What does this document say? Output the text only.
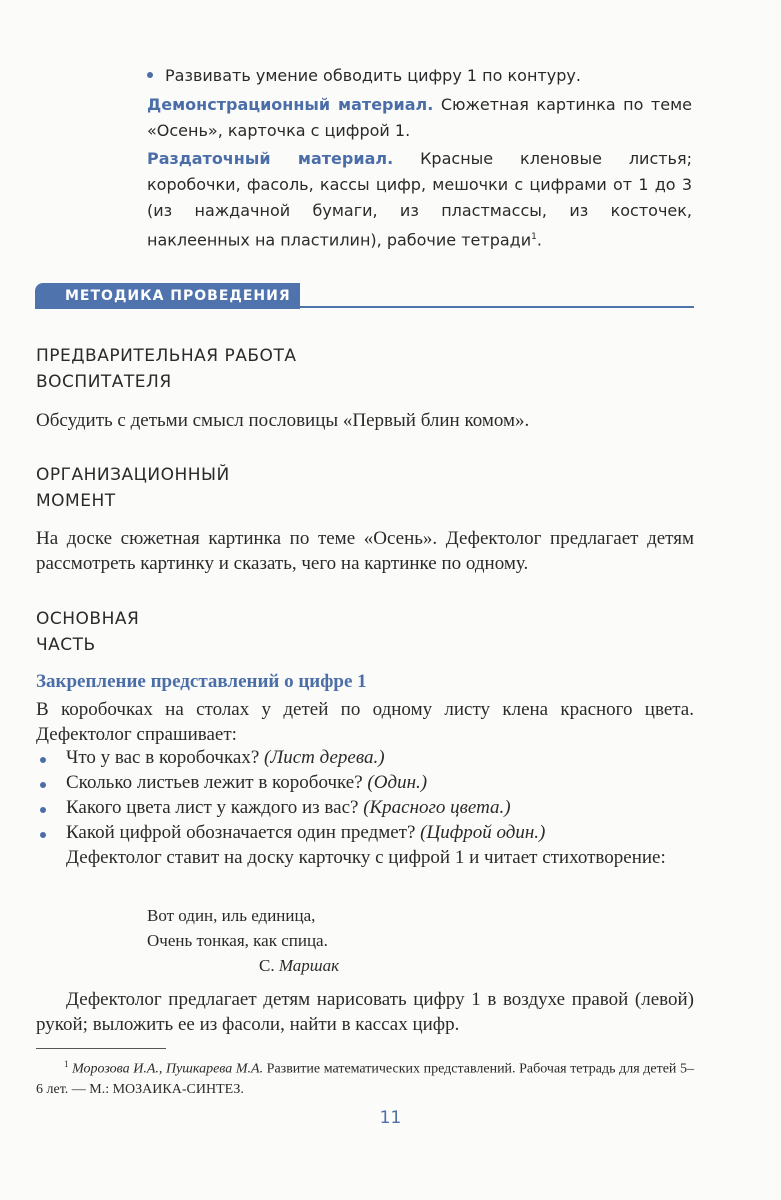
Развивать умение обводить цифру 1 по контуру.

Демонстрационный материал. Сюжетная картинка по теме «Осень», карточка с цифрой 1.

Раздаточный материал. Красные кленовые листья; коробочки, фасоль, кассы цифр, мешочки с цифрами от 1 до 3 (из наждачной бумаги, из пластмассы, из косточек, наклеенных на пластилин), рабочие тетради$^1$.

МЕТОДИКА ПРОВЕДЕНИЯ
ПРЕДВАРИТЕЛЬНАЯ РАБОТА
ВОСПИТАТЕЛЯ
Обсудить с детьми смысл пословицы «Первый блин комом».
ОРГАНИЗАЦИОННЫЙ
МОМЕНТ
На доске сюжетная картинка по теме «Осень». Дефектолог предлагает детям рассмотреть картинку и сказать, чего на картинке по одному.
ОСНОВНАЯ
ЧАСТЬ
Закрепление представлений о цифре 1
В коробочках на столах у детей по одному листу клена красного цвета. Дефектолог спрашивает:
Что у вас в коробочках? (Лист дерева.)
Сколько листьев лежит в коробочке? (Один.)
Какого цвета лист у каждого из вас? (Красного цвета.)
Какой цифрой обозначается один предмет? (Цифрой один.)
Дефектолог ставит на доску карточку с цифрой 1 и читает стихотворение:
Вот один, иль единица,
Очень тонкая, как спица.
С. Маршак
Дефектолог предлагает детям нарисовать цифру 1 в воздухе правой (левой) рукой; выложить ее из фасоли, найти в кассах цифр.
$^1$ Морозова И.А., Пушкарева М.А. Развитие математических представлений. Рабочая тетрадь для детей 5–6 лет. — М.: МОЗАИКА-СИНТЕЗ.
11
